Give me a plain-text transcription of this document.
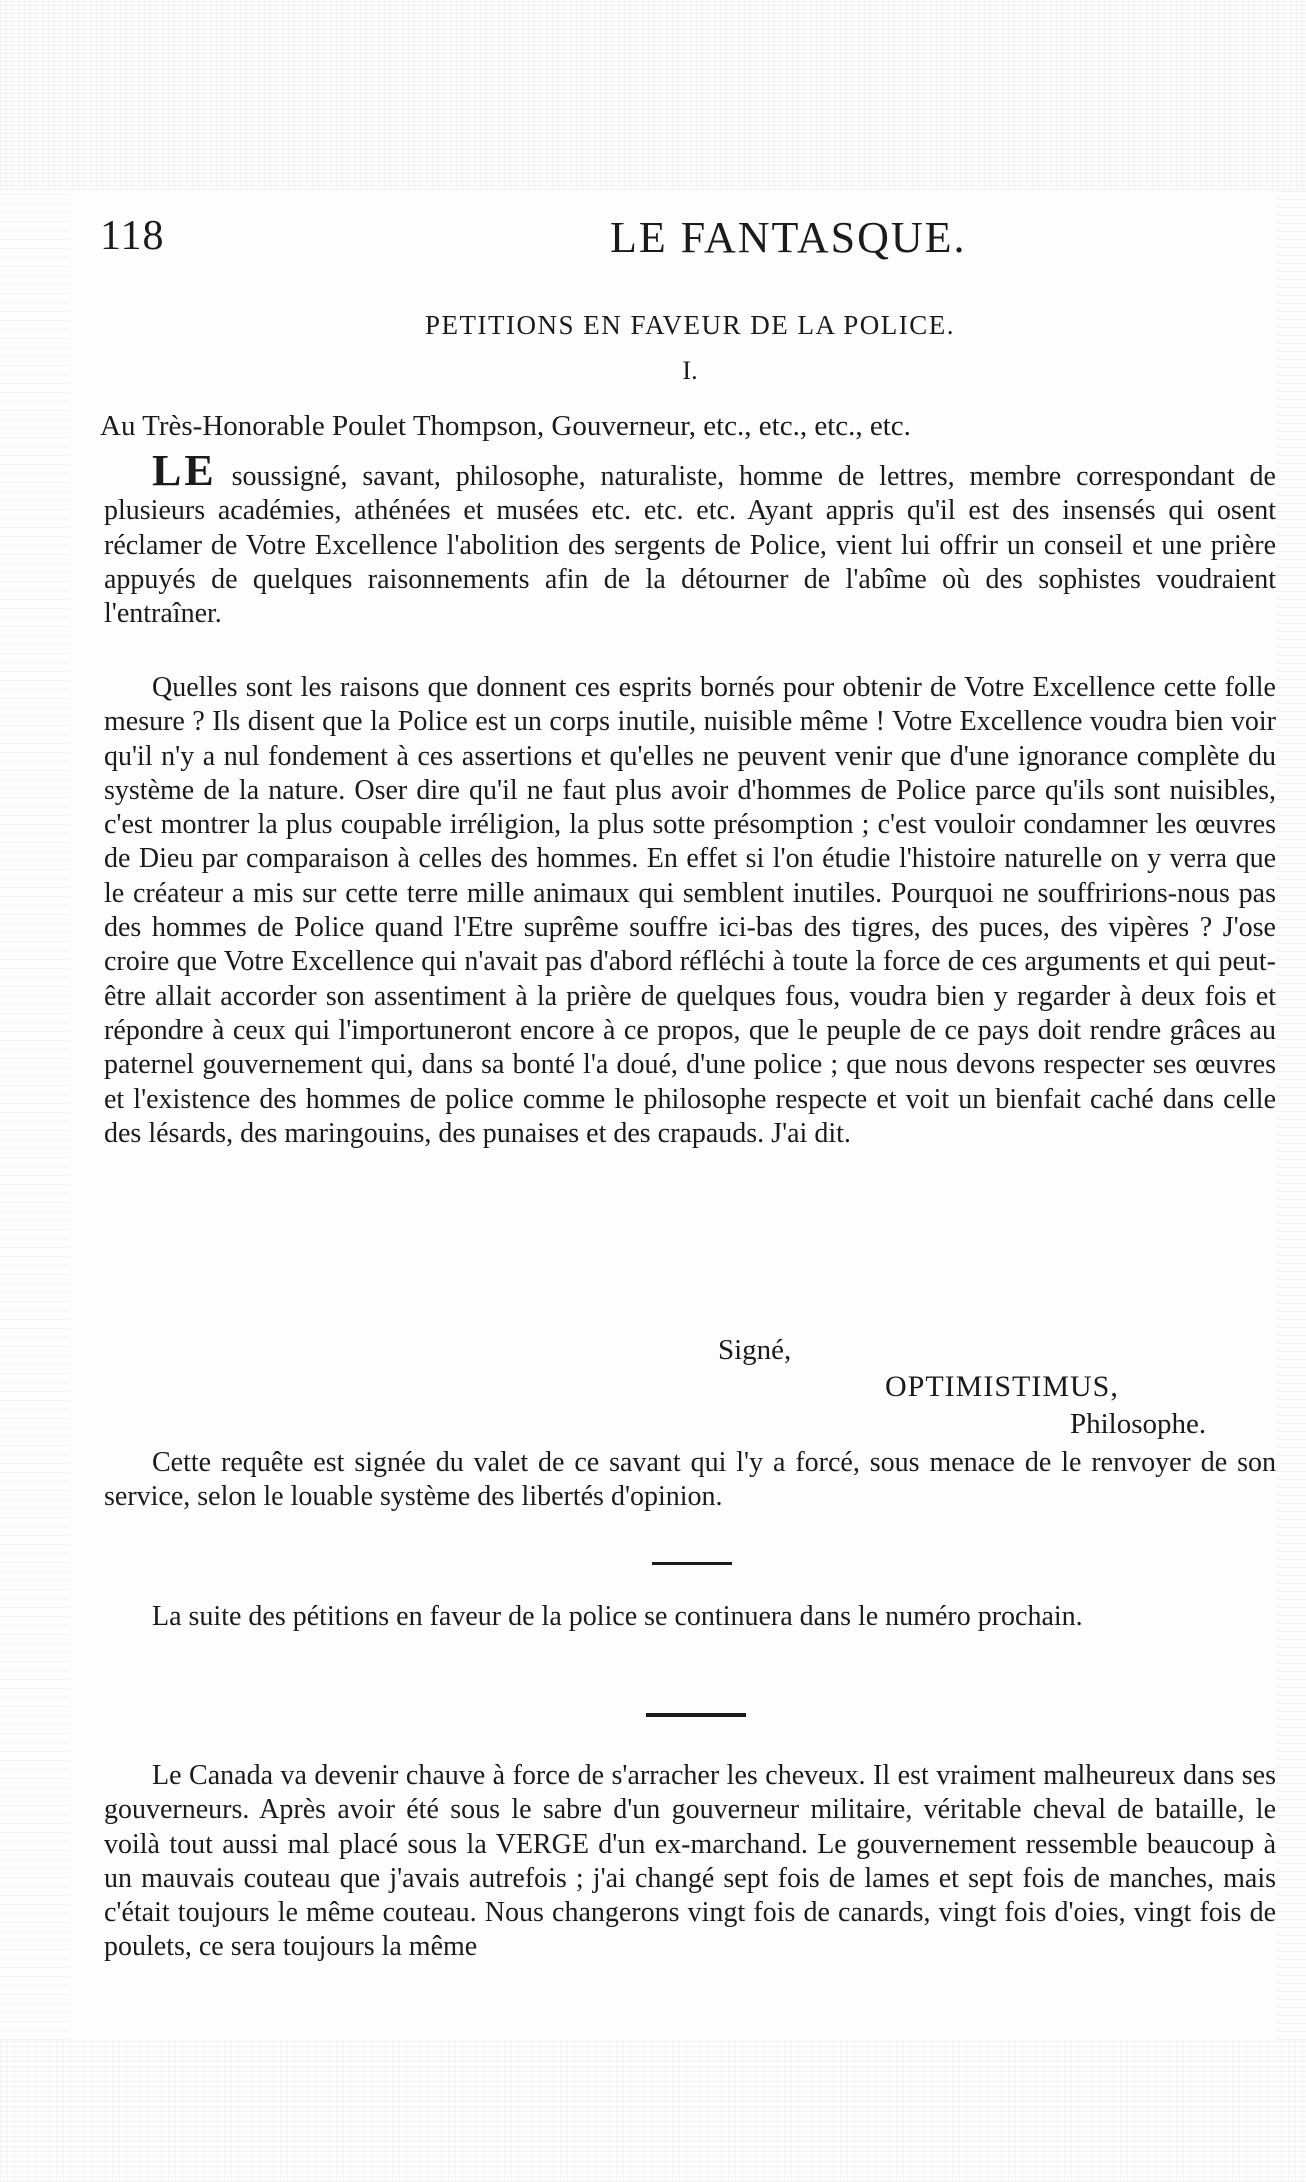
118	LE FANTASQUE.
PETITIONS EN FAVEUR DE LA POLICE.
I.
Au Très-Honorable Poulet Thompson, Gouverneur, etc., etc., etc., etc.

LE soussigné, savant, philosophe, naturaliste, homme de lettres, membre correspondant de plusieurs académies, athénées et musées etc. etc. etc. Ayant appris qu'il est des insensés qui osent réclamer de Votre Excellence l'abolition des sergents de Police, vient lui offrir un conseil et une prière appuyés de quelques raisonnements afin de la détourner de l'abîme où des sophistes voudraient l'entraîner.

Quelles sont les raisons que donnent ces esprits bornés pour obtenir de Votre Excellence cette folle mesure ? Ils disent que la Police est un corps inutile, nuisible même ! Votre Excellence voudra bien voir qu'il n'y a nul fondement à ces assertions et qu'elles ne peuvent venir que d'une ignorance complète du système de la nature. Oser dire qu'il ne faut plus avoir d'hommes de Police parce qu'ils sont nuisibles, c'est montrer la plus coupable irréligion, la plus sotte présomption ; c'est vouloir condamner les œuvres de Dieu par comparaison à celles des hommes. En effet si l'on étudie l'histoire naturelle on y verra que le créateur a mis sur cette terre mille animaux qui semblent inutiles. Pourquoi ne souffririons-nous pas des hommes de Police quand l'Etre suprême souffre ici-bas des tigres, des puces, des vipères ? J'ose croire que Votre Excellence qui n'avait pas d'abord réfléchi à toute la force de ces arguments et qui peut-être allait accorder son assentiment à la prière de quelques fous, voudra bien y regarder à deux fois et répondre à ceux qui l'importuneront encore à ce propos, que le peuple de ce pays doit rendre grâces au paternel gouvernement qui, dans sa bonté l'a doué, d'une police ; que nous devons respecter ses œuvres et l'existence des hommes de police comme le philosophe respecte et voit un bienfait caché dans celle des lésards, des maringouins, des punaises et des crapauds. J'ai dit.

Signé,
OPTIMISTIMUS,
Philosophe.

Cette requête est signée du valet de ce savant qui l'y a forcé, sous menace de le renvoyer de son service, selon le louable système des libertés d'opinion.

La suite des pétitions en faveur de la police se continuera dans le numéro prochain.

Le Canada va devenir chauve à force de s'arracher les cheveux. Il est vraiment malheureux dans ses gouverneurs. Après avoir été sous le sabre d'un gouverneur militaire, véritable cheval de bataille, le voilà tout aussi mal placé sous la VERGE d'un ex-marchand. Le gouvernement ressemble beaucoup à un mauvais couteau que j'avais autrefois ; j'ai changé sept fois de lames et sept fois de manches, mais c'était toujours le même couteau. Nous changerons vingt fois de canards, vingt fois d'oies, vingt fois de poulets, ce sera toujours la même
